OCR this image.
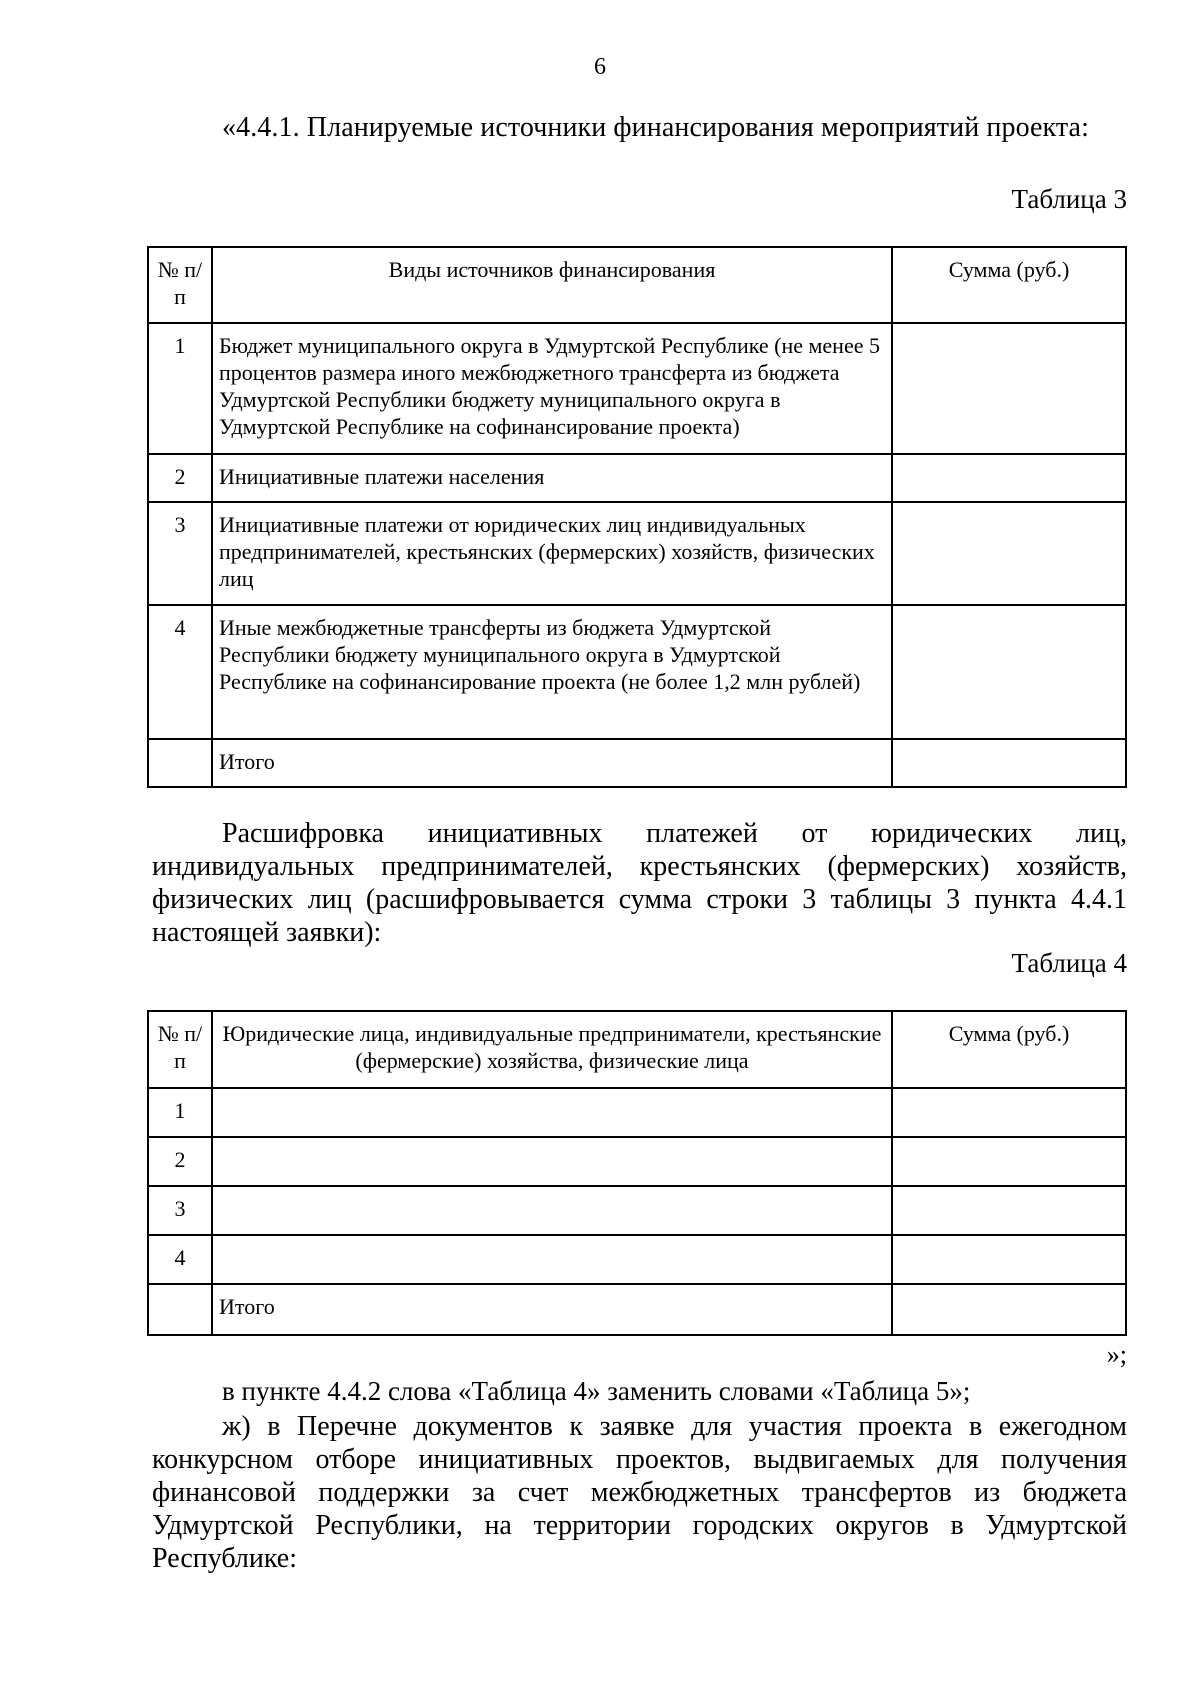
6
«4.4.1. Планируемые источники финансирования мероприятий проекта:
Таблица 3
№ п/п	Виды источников финансирования	Сумма (руб.)
1	Бюджет муниципального округа в Удмуртской Республике (не менее 5 процентов размера иного межбюджетного трансферта из бюджета Удмуртской Республики бюджету муниципального округа в Удмуртской Республике на софинансирование проекта)	
2	Инициативные платежи населения	
3	Инициативные платежи от юридических лиц индивидуальных предпринимателей, крестьянских (фермерских) хозяйств, физических лиц	
4	Иные межбюджетные трансферты из бюджета Удмуртской Республики бюджету муниципального округа в Удмуртской Республике на софинансирование проекта (не более 1,2 млн рублей)	
	Итого	
Расшифровка инициативных платежей от юридических лиц, индивидуальных предпринимателей, крестьянских (фермерских) хозяйств, физических лиц (расшифровывается сумма строки 3 таблицы 3 пункта 4.4.1 настоящей заявки):
Таблица 4
№ п/п	Юридические лица, индивидуальные предприниматели, крестьянские (фермерские) хозяйства, физические лица	Сумма (руб.)
1		
2		
3		
4		
	Итого	
»;
в пункте 4.4.2 слова «Таблица 4» заменить словами «Таблица 5»;
ж) в Перечне документов к заявке для участия проекта в ежегодном конкурсном отборе инициативных проектов, выдвигаемых для получения финансовой поддержки за счет межбюджетных трансфертов из бюджета Удмуртской Республики, на территории городских округов в Удмуртской Республике:
